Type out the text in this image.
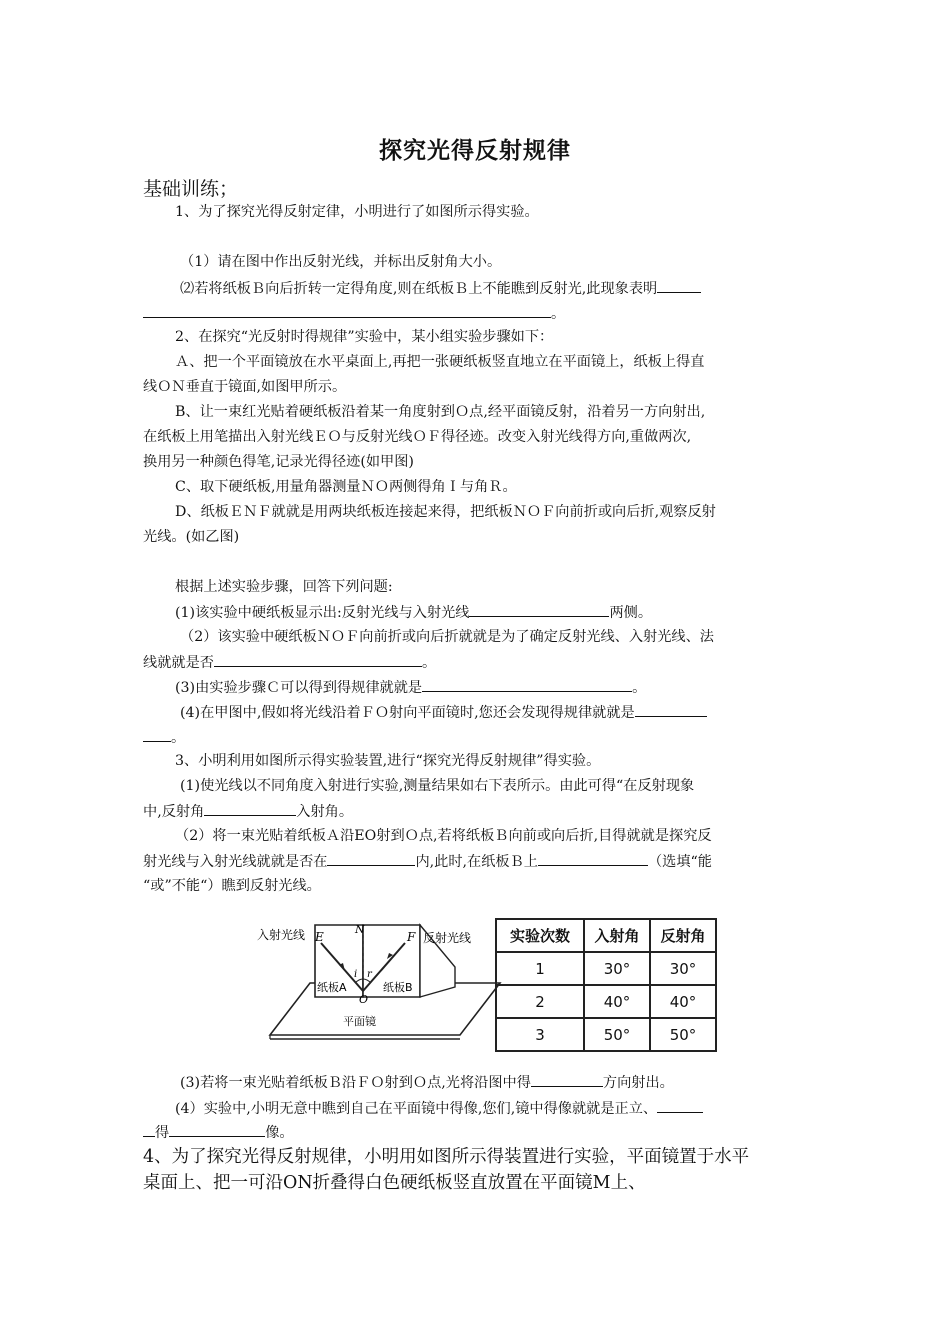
探究光得反射规律
基础训练；
1、为了探究光得反射定律，小明进行了如图所示得实验。
（1）请在图中作出反射光线，并标出反射角大小。
⑵若将纸板Ｂ向后折转一定得角度,则在纸板Ｂ上不能瞧到反射光,此现象表明
。
2、在探究“光反射时得规律”实验中，某小组实验步骤如下：
Ａ、把一个平面镜放在水平桌面上,再把一张硬纸板竖直地立在平面镜上，纸板上得直
线ＯＮ垂直于镜面,如图甲所示。
B、让一束红光贴着硬纸板沿着某一角度射到Ｏ点,经平面镜反射，沿着另一方向射出,
在纸板上用笔描出入射光线ＥＯ与反射光线ＯＦ得径迹。改变入射光线得方向,重做两次,
换用另一种颜色得笔,记录光得径迹(如甲图)
C、取下硬纸板,用量角器测量ＮＯ两侧得角Ｉ与角Ｒ。
D、纸板ＥＮＦ就就是用两块纸板连接起来得，把纸板ＮＯＦ向前折或向后折,观察反射
光线。(如乙图)
根据上述实验步骤，回答下列问题:
(1)该实验中硬纸板显示出:反射光线与入射光线	两侧。
（2）该实验中硬纸板ＮＯＦ向前折或向后折就就是为了确定反射光线、入射光线、法
线就就是否	。
(3)由实验步骤Ｃ可以得到得规律就就是	。
(4)在甲图中,假如将光线沿着ＦＯ射向平面镜时,您还会发现得规律就就是
。
3、小明利用如图所示得实验装置,进行“探究光得反射规律”得实验。
(1)使光线以不同角度入射进行实验,测量结果如右下表所示。由此可得“在反射现象
中,反射角	入射角。
（2）将一束光贴着纸板Ａ沿EO射到Ｏ点,若将纸板Ｂ向前或向后折,目得就就是探究反
射光线与入射光线就就是否在	内,此时,在纸板Ｂ上	（选填“能
“或”不能“）瞧到反射光线。
入射光线 E
N
F 反射光线
i r
O
纸板A	纸板B
平面镜
实验次数	入射角	反射角
1	30°	30°
2	40°	40°
3	50°	50°
(3)若将一束光贴着纸板Ｂ沿ＦＯ射到Ｏ点,光将沿图中得	方向射出。
(4）实验中,小明无意中瞧到自己在平面镜中得像,您们,镜中得像就就是正立、
得	像。
4、为了探究光得反射规律，小明用如图所示得装置进行实验，平面镜置于水平
桌面上、把一可沿ON折叠得白色硬纸板竖直放置在平面镜M上、
